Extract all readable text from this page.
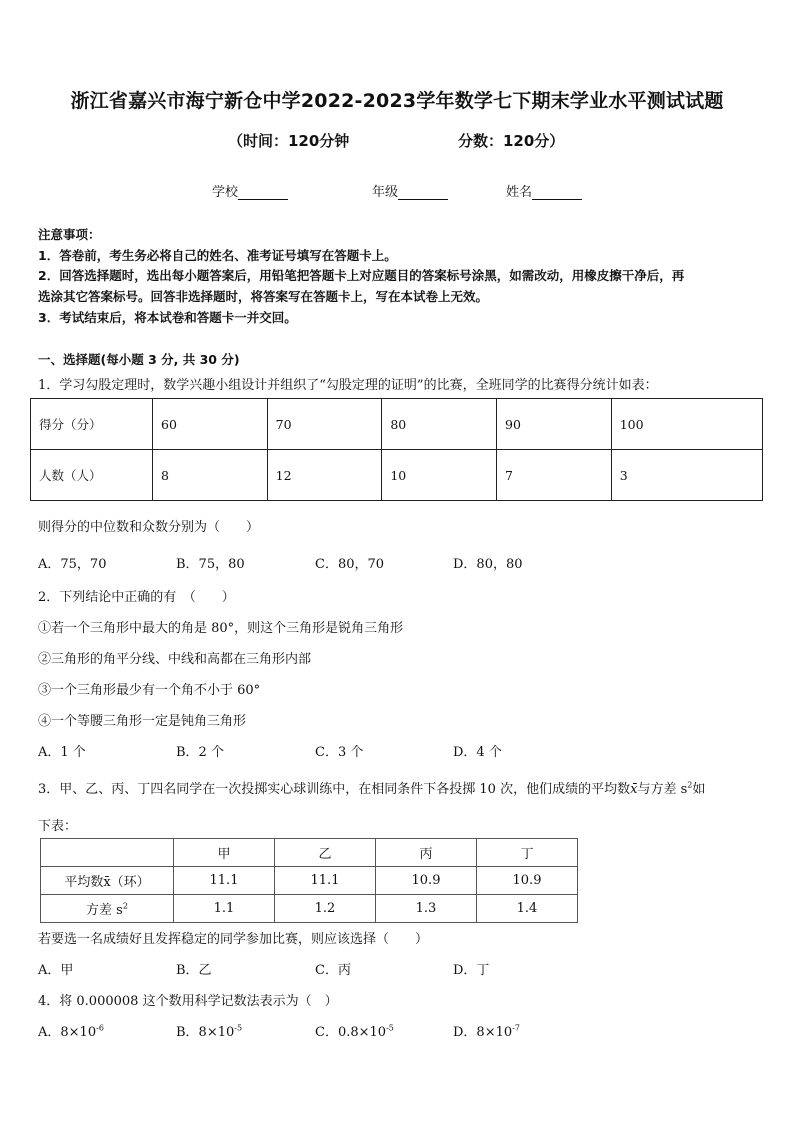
浙江省嘉兴市海宁新仓中学2022-2023学年数学七下期末学业水平测试试题
（时间：120分钟	分数：120分）
学校	年级	姓名
注意事项：
1．答卷前，考生务必将自己的姓名、准考证号填写在答题卡上。
2．回答选择题时，选出每小题答案后，用铅笔把答题卡上对应题目的答案标号涂黑，如需改动，用橡皮擦干净后，再
选涂其它答案标号。回答非选择题时，将答案写在答题卡上，写在本试卷上无效。
3．考试结束后，将本试卷和答题卡一并交回。
一、选择题(每小题 3 分, 共 30 分)
1．学习勾股定理时，数学兴趣小组设计并组织了“勾股定理的证明”的比赛，全班同学的比赛得分统计如表：
得分（分）	60	70	80	90	100
人数（人）	8	12	10	7	3
则得分的中位数和众数分别为（　　）
A．75，70	B．75，80	C．80，70	D．80，80
2．下列结论中正确的有　（　　）
①若一个三角形中最大的角是 80°，则这个三角形是锐角三角形
②三角形的角平分线、中线和高都在三角形内部
③一个三角形最少有一个角不小于 60°
④一个等腰三角形一定是钝角三角形
A．1 个	B．2 个	C．3 个	D．4 个
3．甲、乙、丙、丁四名同学在一次投掷实心球训练中，在相同条件下各投掷 10 次，他们成绩的平均数x̄与方差 $s^2$如
下表：
	甲	乙	丙	丁
平均数x̄（环）	11.1	11.1	10.9	10.9
方差 $s^2$	1.1	1.2	1.3	1.4
若要选一名成绩好且发挥稳定的同学参加比赛，则应该选择（　　）
A．甲	B．乙	C．丙	D．丁
4．将 0.000008 这个数用科学记数法表示为（　）
A．$8\times 10^{-6}$	B．$8\times 10^{-5}$	C．$0.8\times 10^{-5}$	D．$8\times 10^{-7}$
